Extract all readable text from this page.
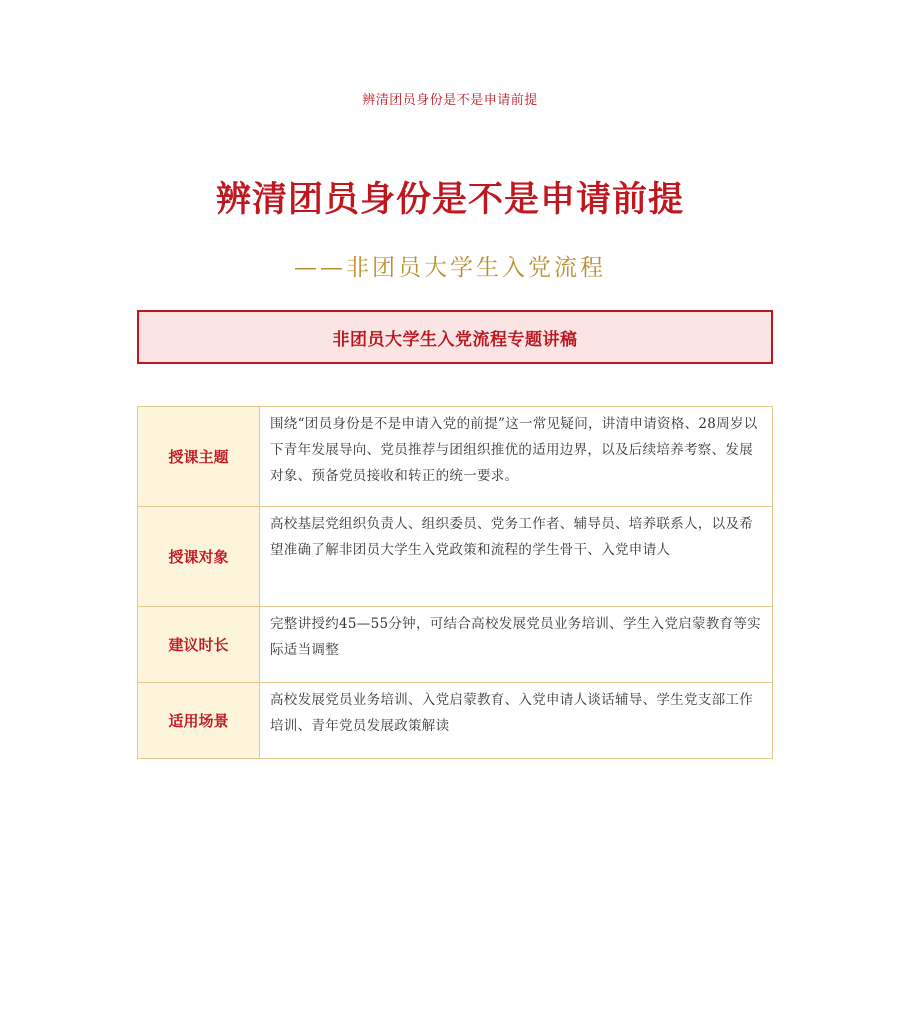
辨清团员身份是不是申请前提
辨清团员身份是不是申请前提
——非团员大学生入党流程
非团员大学生入党流程专题讲稿
授课主题	围绕“团员身份是不是申请入党的前提”这一常见疑问，讲清申请资格、28周岁以下青年发展导向、党员推荐与团组织推优的适用边界，以及后续培养考察、发展对象、预备党员接收和转正的统一要求。
授课对象	高校基层党组织负责人、组织委员、党务工作者、辅导员、培养联系人，以及希望准确了解非团员大学生入党政策和流程的学生骨干、入党申请人
建议时长	完整讲授约45—55分钟，可结合高校发展党员业务培训、学生入党启蒙教育等实际适当调整
适用场景	高校发展党员业务培训、入党启蒙教育、入党申请人谈话辅导、学生党支部工作培训、青年党员发展政策解读
